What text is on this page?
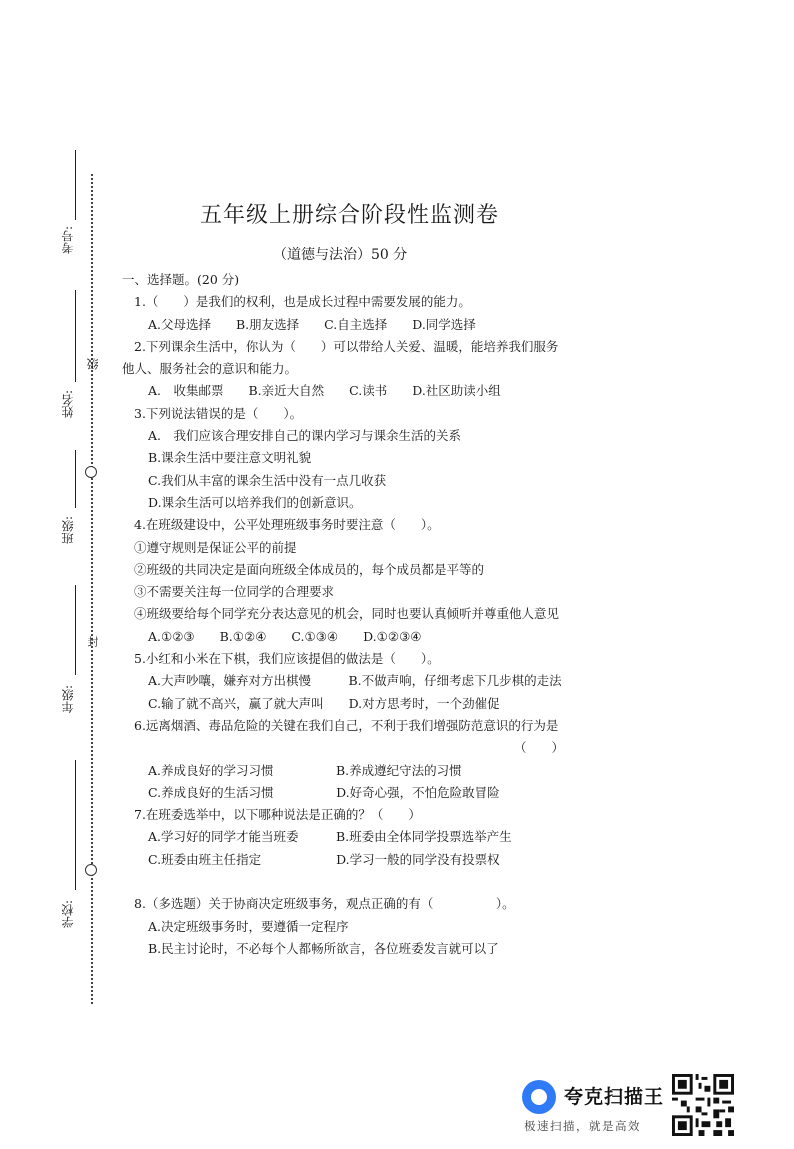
封
考号:
姓名:
级
班级:
年级:
学校:
五年级上册综合阶段性监测卷
（道德与法治）50 分
一、选择题。(20 分)
1.（　　）是我们的权利，也是成长过程中需要发展的能力。
A.父母选择　　B.朋友选择　　C.自主选择　　D.同学选择
2.下列课余生活中，你认为（　　）可以带给人关爱、温暖，能培养我们服务
他人、服务社会的意识和能力。
A.　收集邮票　　B.亲近大自然　　C.读书　　D.社区助读小组
3.下列说法错误的是（　　）。
A.　我们应该合理安排自己的课内学习与课余生活的关系
B.课余生活中要注意文明礼貌
C.我们从丰富的课余生活中没有一点几收获
D.课余生活可以培养我们的创新意识。
4.在班级建设中，公平处理班级事务时要注意（　　）。
①遵守规则是保证公平的前提
②班级的共同决定是面向班级全体成员的，每个成员都是平等的
③不需要关注每一位同学的合理要求
④班级要给每个同学充分表达意见的机会，同时也要认真倾听并尊重他人意见
A.①②③　　B.①②④　　C.①③④　　D.①②③④
5.小红和小米在下棋，我们应该提倡的做法是（　　）。
A.大声吵嚷，嫌弃对方出棋慢　　　B.不做声响，仔细考虑下几步棋的走法
C.输了就不高兴，赢了就大声叫　　D.对方思考时，一个劲催促
6.远离烟酒、毒品危险的关键在我们自己，不利于我们增强防范意识的行为是
（　　）
A.养成良好的学习习惯　　　　　B.养成遵纪守法的习惯
C.养成良好的生活习惯　　　　　D.好奇心强，不怕危险敢冒险
7.在班委选举中，以下哪种说法是正确的？（　　）
A.学习好的同学才能当班委　　　B.班委由全体同学投票选举产生
C.班委由班主任指定　　　　　　D.学习一般的同学没有投票权
8.（多选题）关于协商决定班级事务，观点正确的有（　　　　　）。
A.决定班级事务时，要遵循一定程序
B.民主讨论时，不必每个人都畅所欲言，各位班委发言就可以了
夸克扫描王
极速扫描，就是高效
